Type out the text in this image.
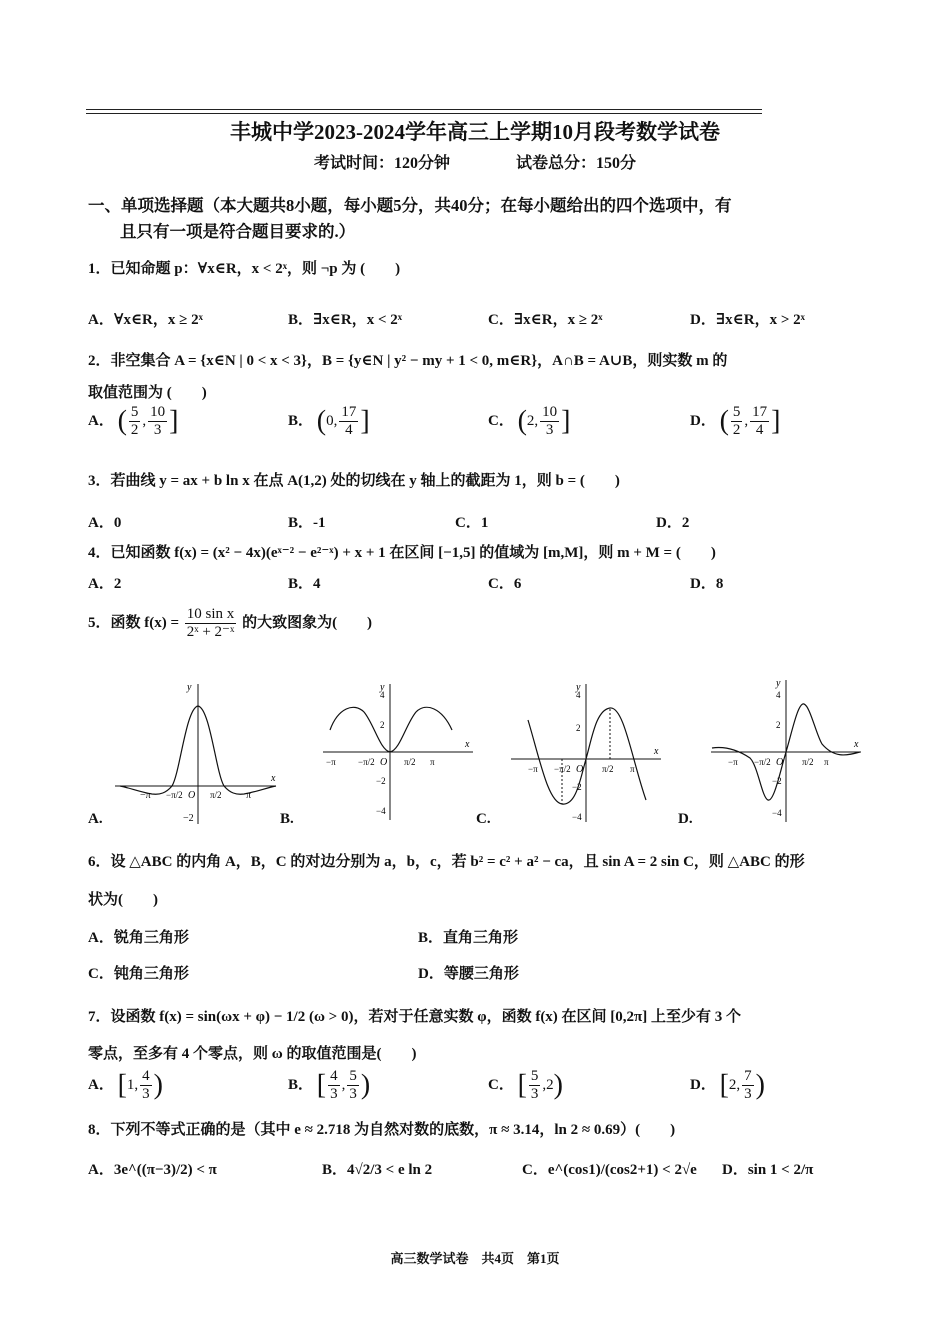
丰城中学2023-2024学年高三上学期10月段考数学试卷
考试时间：120分钟	试卷总分：150分
一、单项选择题（本大题共8小题，每小题5分，共40分；在每小题给出的四个选项中，有
且只有一项是符合题目要求的.）
1．已知命题 p：∀x∈R，x < 2ˣ，则 ¬p 为 (　　)
A．∀x∈R，x ≥ 2ˣ	B．∃x∈R，x < 2ˣ	C．∃x∈R，x ≥ 2ˣ	D．∃x∈R，x > 2ˣ
2．非空集合 A = {x∈N | 0 < x < 3}，B = {y∈N | y² − my + 1 < 0, m∈R}，A∩B = A∪B，则实数 m 的
取值范围为 (　　)
A． ( $\frac{5}{2}$ , $\frac{10}{3}$ ]	B． (0, $\frac{17}{4}$ ]	C． (2, $\frac{10}{3}$ ]	D． ( $\frac{5}{2}$ , $\frac{17}{4}$ ]
3．若曲线 y = ax + b ln x 在点 A(1,2) 处的切线在 y 轴上的截距为 1，则 b = (　　)
A．0	B．-1	C．1	D．2
4．已知函数 f(x) = (x² − 4x)(eˣ⁻² − e²⁻ˣ) + x + 1 在区间 [−1,5] 的值域为 [m,M]，则 m + M = (　　)
A．2	B．4	C．6	D．8
5．函数 $f(x) = \frac{\text{10 sin x}}{\text{2ˣ + 2⁻ˣ}}$ 的大致图象为(　　)
x
y
−π −π/2 O π/2 π
−2
x
y
−π −π/2 O π/2 π
4
2
−2
−4
x
y
−π −π/2 O π/2 π
4
2
−2
−4
x
y
−π −π/2 O π/2 π
4
2
−2
−4
A.	B.	C.	D.
6．设 △ABC 的内角 A，B，C 的对边分别为 a，b，c，若 b² = c² + a² − ca，且 sin A = 2 sin C，则 △ABC 的形
状为(　　)
A．锐角三角形	B．直角三角形
C．钝角三角形	D．等腰三角形
7．设函数 f(x) = sin(ωx + φ) − 1/2 (ω > 0)，若对于任意实数 φ，函数 f(x) 在区间 [0,2π] 上至少有 3 个
零点，至多有 4 个零点，则 ω 的取值范围是(　　)
A． [1, $\frac{4}{3}$ )	B． [ $\frac{4}{3}$ , $\frac{5}{3}$ )	C． [ $\frac{5}{3} ,2$)	D． [2, $\frac{7}{3}$ )
8．下列不等式正确的是（其中 e ≈ 2.718 为自然对数的底数，π ≈ 3.14，ln 2 ≈ 0.69）(　　)
A．3e^((π−3)/2) < π	B．4√2/3 < e ln 2	C．e^(cos1)/(cos2+1) < 2√e D．sin 1 < 2/π
高三数学试卷　共4页　第1页
